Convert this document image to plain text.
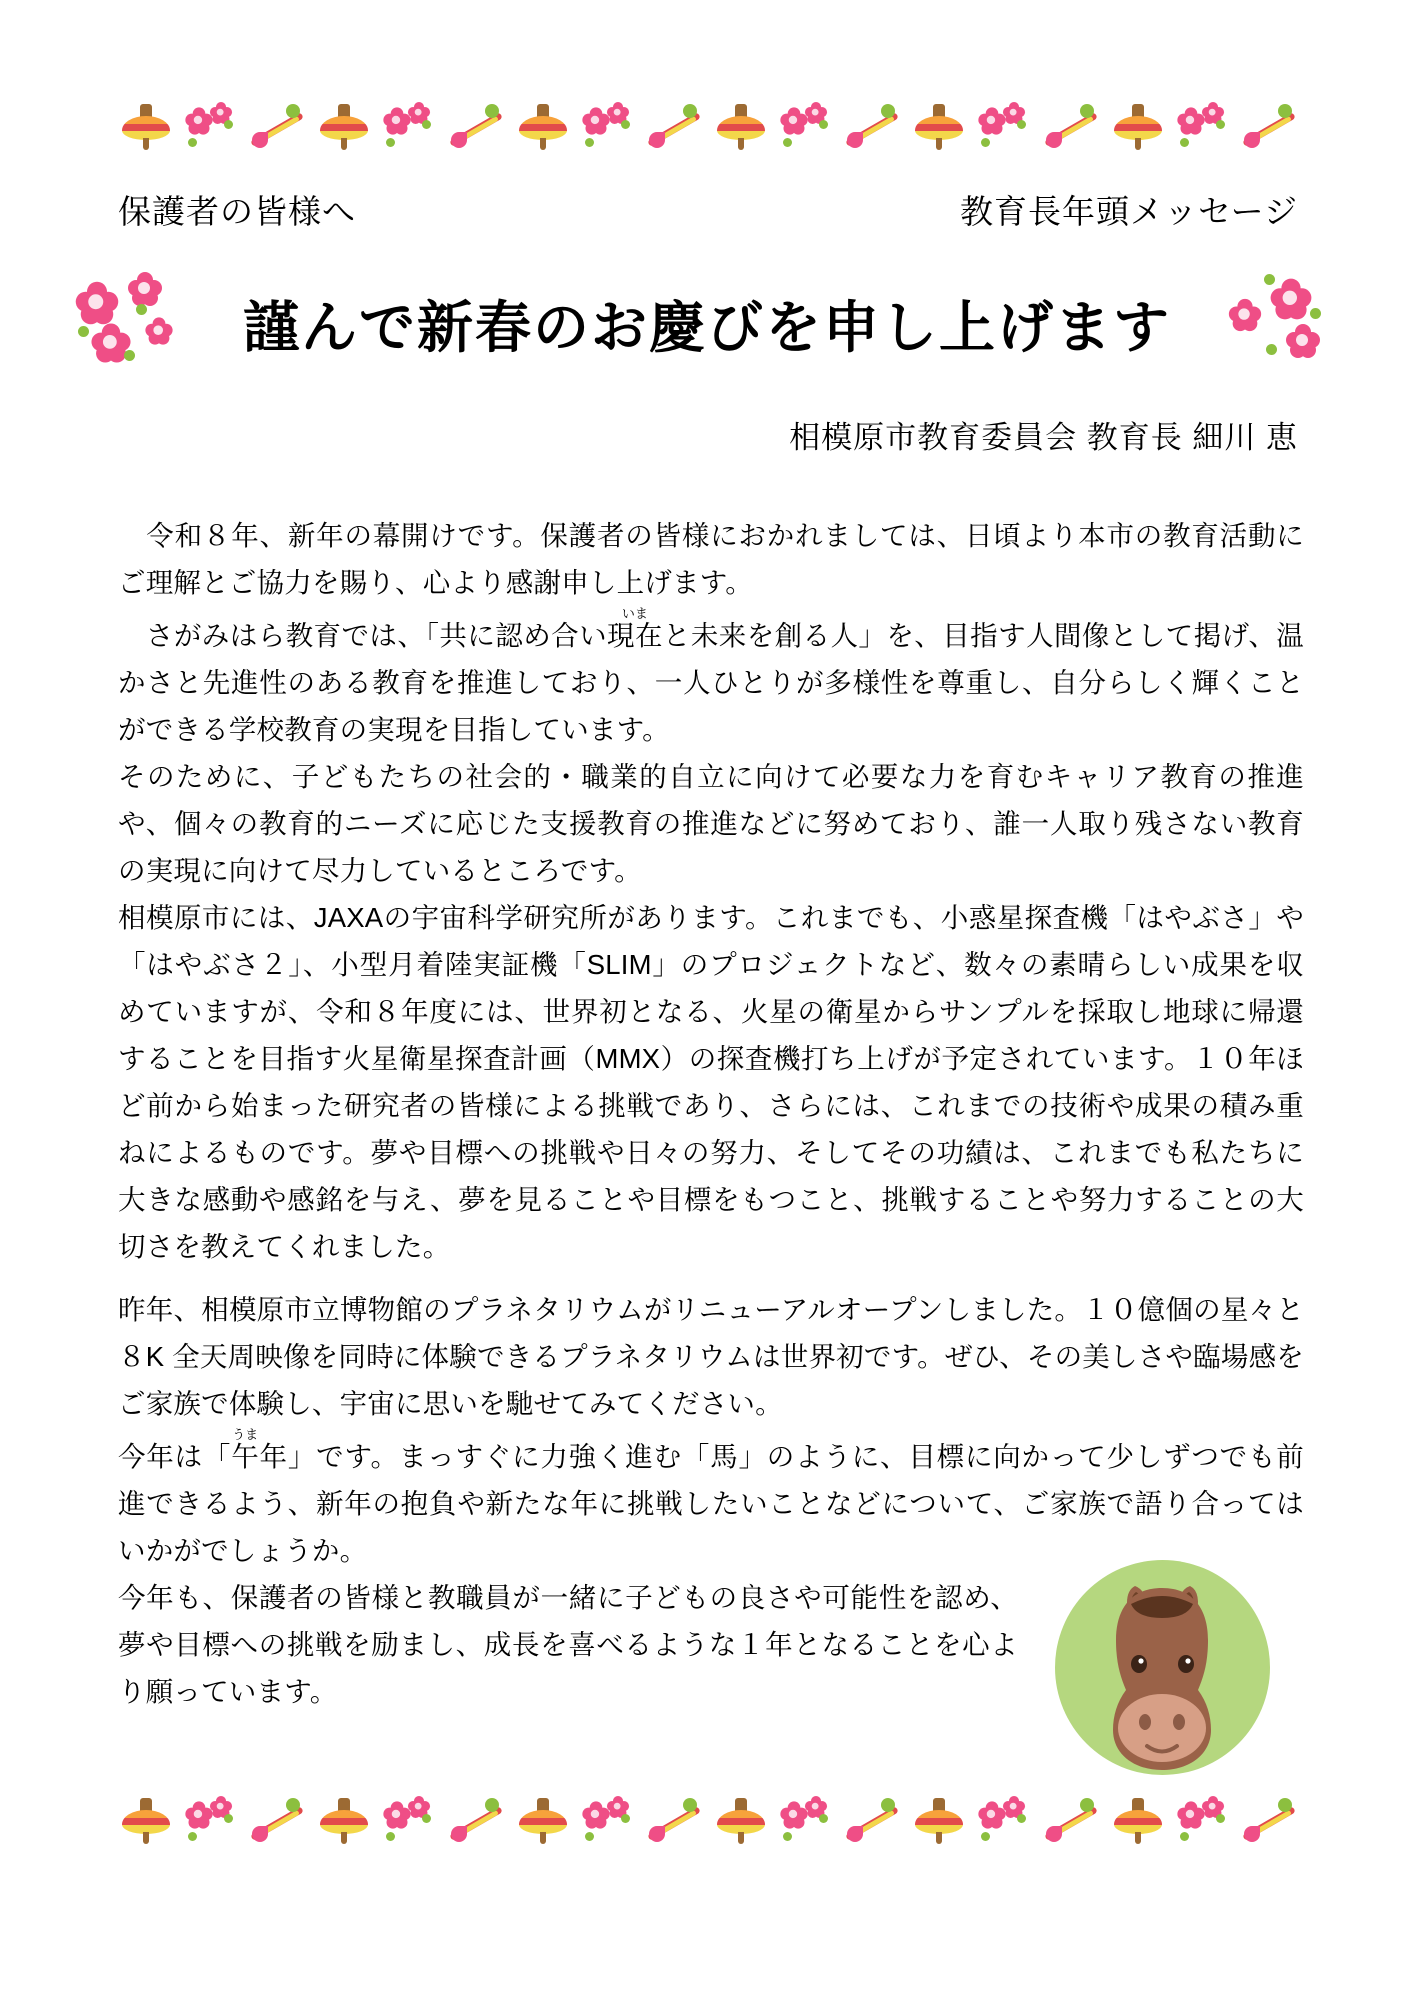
保護者の皆様へ	教育長年頭メッセージ
謹んで新春のお慶びを申し上げます
相模原市教育委員会 教育長 細川 恵

　令和８年、新年の幕開けです。保護者の皆様におかれましては、日頃より本市の教育活動にご理解とご協力を賜り、心より感謝申し上げます。

　さがみはら教育では、「共に認め合い現在いまと未来を創る人」を、目指す人間像として掲げ、温かさと先進性のある教育を推進しており、一人ひとりが多様性を尊重し、自分らしく輝くことができる学校教育の実現を目指しています。

そのために、子どもたちの社会的・職業的自立に向けて必要な力を育むキャリア教育の推進や、個々の教育的ニーズに応じた支援教育の推進などに努めており、誰一人取り残さない教育の実現に向けて尽力しているところです。

相模原市には、JAXAの宇宙科学研究所があります。これまでも、小惑星探査機「はやぶさ」や「はやぶさ２」、小型月着陸実証機「SLIM」のプロジェクトなど、数々の素晴らしい成果を収めていますが、令和８年度には、世界初となる、火星の衛星からサンプルを採取し地球に帰還することを目指す火星衛星探査計画（MMX）の探査機打ち上げが予定されています。１０年ほど前から始まった研究者の皆様による挑戦であり、さらには、これまでの技術や成果の積み重ねによるものです。夢や目標への挑戦や日々の努力、そしてその功績は、これまでも私たちに大きな感動や感銘を与え、夢を見ることや目標をもつこと、挑戦することや努力することの大切さを教えてくれました。

昨年、相模原市立博物館のプラネタリウムがリニューアルオープンしました。１０億個の星々と８K 全天周映像を同時に体験できるプラネタリウムは世界初です。ぜひ、その美しさや臨場感をご家族で体験し、宇宙に思いを馳せてみてください。

今年は「午うま年」です。まっすぐに力強く進む「馬」のように、目標に向かって少しずつでも前進できるよう、新年の抱負や新たな年に挑戦したいことなどについて、ご家族で語り合ってはいかがでしょうか。

今年も、保護者の皆様と教職員が一緒に子どもの良さや可能性を認め、夢や目標への挑戦を励まし、成長を喜べるような１年となることを心より願っています。
